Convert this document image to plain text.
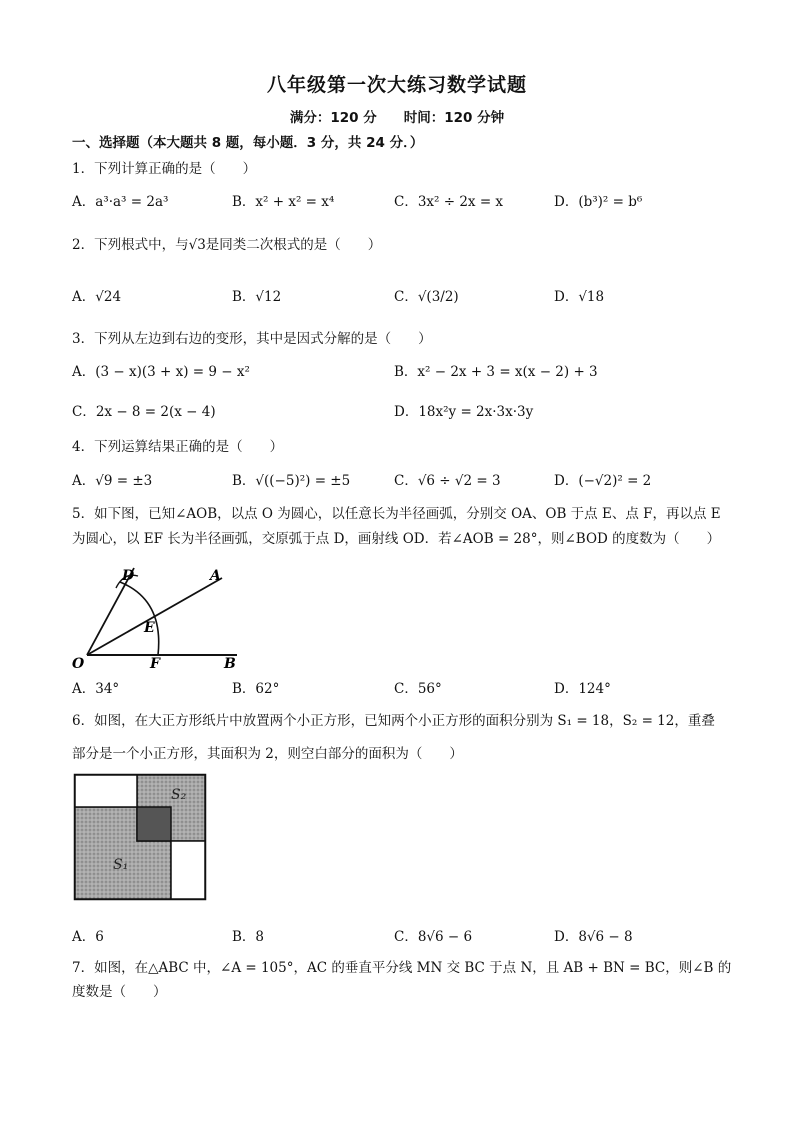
八年级第一次大练习数学试题
满分：120 分　　时间：120 分钟
一、选择题（本大题共 8 题，每小题．3 分，共 24 分．）
1．下列计算正确的是（　　）
A．a³·a³ = 2a³	B．x² + x² = x⁴	C．3x² ÷ 2x = x	D．(b³)² = b⁶
2．下列根式中，与√3是同类二次根式的是（　　）
A．√24	B．√12	C．√(3/2)	D．√18
3．下列从左边到右边的变形，其中是因式分解的是（　　）
A．(3 − x)(3 + x) = 9 − x²	B．x² − 2x + 3 = x(x − 2) + 3
C．2x − 8 = 2(x − 4)	D．18x²y = 2x·3x·3y
4．下列运算结果正确的是（　　）
A．√9 = ±3	B．√((−5)²) = ±5	C．√6 ÷ √2 = 3	D．(−√2)² = 2
5．如下图，已知∠AOB，以点 O 为圆心，以任意长为半径画弧，分别交 OA、OB 于点 E、点 F，再以点 E
为圆心，以 EF 长为半径画弧，交原弧于点 D，画射线 OD．若∠AOB = 28°，则∠BOD 的度数为（　　）
D	A
E
O	F	B
A．34°	B．62°	C．56°	D．124°
6．如图，在大正方形纸片中放置两个小正方形，已知两个小正方形的面积分别为 S₁ = 18，S₂ = 12，重叠
部分是一个小正方形，其面积为 2，则空白部分的面积为（　　）
S₂
S₁
A．6	B．8	C．8√6 − 6	D．8√6 − 8
7．如图，在△ABC 中，∠A = 105°，AC 的垂直平分线 MN 交 BC 于点 N，且 AB + BN = BC，则∠B 的
度数是（　　）
